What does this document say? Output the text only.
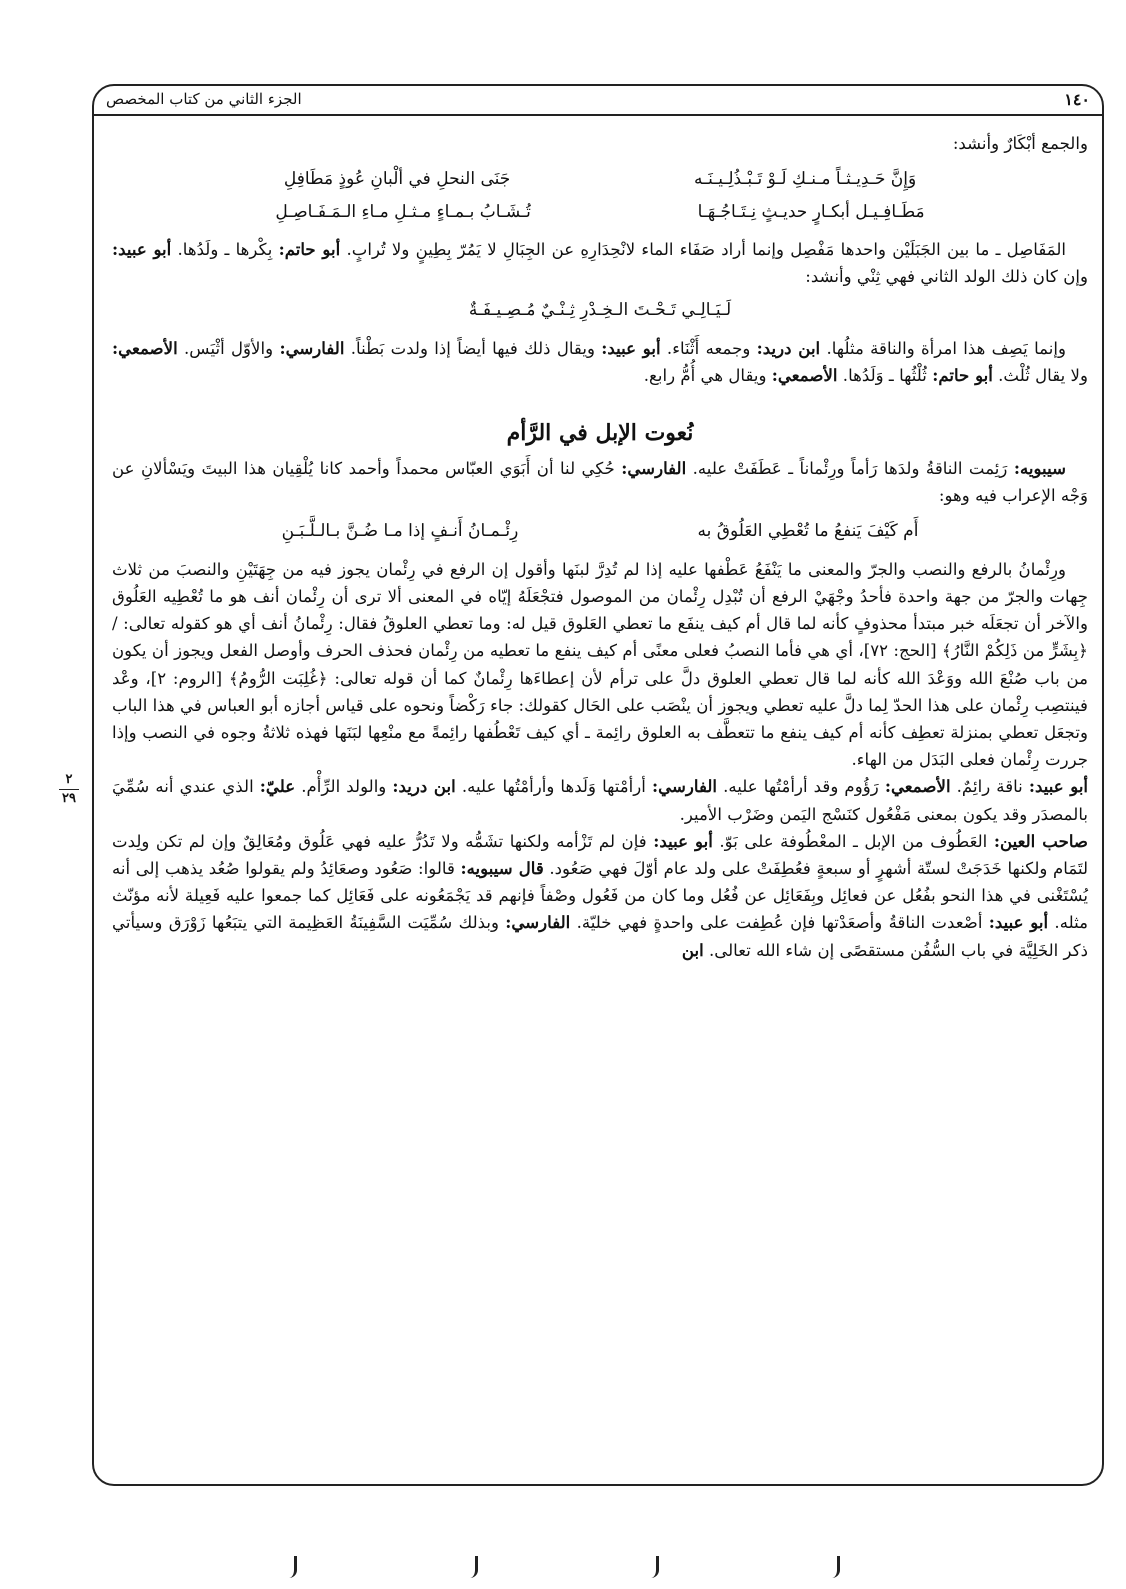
١٤٠
الجزء الثاني من كتاب المخصص
٢
٢٩

والجمع أبْكَارٌ وأنشد:

وَإِنَّ حَـدِيـثـاً مـنـكِ لَـوْ تَـبْـذُلِـيـنَـه
جَنَى النحلِ في ألْبانِ عُوذٍ مَطَافِلِ
مَطَـافِـيـل أبكـارٍ حديـثٍ نِـتَـاجُـهَـا
تُـشَـابُ بـمـاءٍ مـثـلِ مـاءِ الـمَـفَـاصِـلِ

المَفَاصِل ـ ما بين الجَبَلَيْن واحدها مَفْصِل وإنما أراد صَفَاء الماء لانْحِدَارِهِ عن الجِبَالِ لا يَمُرّ بِطِينٍ ولا تُرابٍ. أبو حاتم: بِكْرها ـ ولَدُها. أبو عبيد: وإن كان ذلك الولد الثاني فهي ثِنْي وأنشد:

لَـيَـالِـي تَـحْـتَ الـخِـدْرِ ثِـنْـيٌ مُـصِـيـفَـةٌ

وإنما يَصِف هذا امرأة والناقة مثلُها. ابن دريد: وجمعه أَثْنَاء. أبو عبيد: ويقال ذلك فيها أيضاً إذا ولدت بَطْناً. الفارسي: والأوّل أثْيَس. الأصمعي: ولا يقال ثُلْث. أبو حاتم: ثُلْثُها ـ وَلَدُها. الأصمعي: ويقال هي أُمُّ رابع.

نُعوت الإبل في الرَّأم

سيبويه: رَئِمت الناقةُ ولدَها رَأماً ورِئْماناً ـ عَطَفَتْ عليه. الفارسي: حُكِي لنا أن أَبَوَي العبّاس محمداً وأحمد كانا يُلْقِيان هذا البيتَ ويَسْألانِ عن وَجْه الإعراب فيه وهو:

أَم كَيْفَ يَنفعُ ما تُعْطِي العَلُوقُ به
رِئْـمـانُ أَنـفٍ إذا مـا ضُـنَّ بـالـلَّـبَـنِ

ورِئْمانُ بالرفع والنصب والجرّ والمعنى ما يَنْفَعُ عَطْفها عليه إذا لم تُدِرَّ لبنَها وأقول إن الرفع في رِئْمان يجوز فيه من جِهَتَيْنِ والنصبَ من ثلاث جِهات والجرّ من جهة واحدة فأحدُ وجْهَيْ الرفع أن تُبْدِل رِئْمان من الموصول فتجْعَلَهُ إيّاه في المعنى ألا ترى أن رِئْمان أنف هو ما تُعْطِيه العَلُوق والآخر أن تجعَلَه خبر مبتدأ محذوفٍ كأنه لما قال أم كيف ينفَع ما تعطي العَلوق قيل له: وما تعطي العلوقُ فقال: رِئْمانُ أنف أي هو كقوله تعالى: / ﴿بِشَرٍّ من ذَلِكُمْ النَّارُ﴾ [الحج: ٧٢]، أي هي فأما النصبُ فعلى معنًى أم كيف ينفع ما تعطيه من رِئْمان فحذف الحرف وأوصل الفعل ويجوز أن يكون من باب صُنْعَ الله ووَعْدَ الله كأنه لما قال تعطي العلوق دلَّ على ترأم لأن إعطاءَها رِئْمانٌ كما أن قوله تعالى: ﴿غُلِبَت الرُّومُ﴾ [الروم: ٢]، وعْد فينتصِب رِئْمان على هذا الحدّ لِما دلَّ عليه تعطي ويجوز أن ينْصَب على الحَال كقولك: جاء رَكْضاً ونحوه على قياس أجازه أبو العباس في هذا الباب وتجعَل تعطي بمنزلة تعطِف كأنه أم كيف ينفع ما تتعطَّف به العلوق رائِمة ـ أي كيف تَعْطُفها رائِمةً مع منْعِها لبَنَها فهذه ثلاثةُ وجوه في النصب وإذا جررت رِئْمان فعلى البَدَل من الهاء.

أبو عبيد: ناقة رائِمٌ. الأصمعي: رَؤُوم وقد أرأمْتُها عليه. الفارسي: أرأمْتها وَلَدها وأرأمْتُها عليه. ابن دريد: والولد الرِّأْم. عليّ: الذي عندي أنه سُمِّيَ بالمصدَر وقد يكون بمعنى مَفْعُول كنَسْج اليَمن وضَرْب الأمير.

صاحب العين: العَطُوف من الإبل ـ المعْطُوفة على بَوّ. أبو عبيد: فإن لم تَزْأمه ولكنها تشَمُّه ولا تَدُرُّ عليه فهي عَلُوق ومُعَالِقٌ وإن لم تكن ولِدت لتَمَام ولكنها خَدَجَتْ لستّة أشهرٍ أو سبعةٍ فعُطِفَتْ على ولد عام أوّلَ فهي صَعُود. قال سيبويه: قالوا: صَعُود وصعَائِدُ ولم يقولوا صُعُد يذهب إلى أنه يُسْتَغْنى في هذا النحو بفُعُل عن فعائِل وبِفَعَائِل عن فُعُل وما كان من فَعُول وصْفاً فإنهم قد يَجْمَعُونه على فَعَائِل كما جمعوا عليه فَعِيلة لأنه مؤنّث مثله. أبو عبيد: أصْعدت الناقةُ وأصعَدْتها فإن عُطِفت على واحدةٍ فهي خليّة. الفارسي: وبذلك سُمِّيَت السَّفِينَةُ العَظِيمة التي يتبَعُها زَوْرَق وسيأتي ذكر الخَلِيَّة في باب السُّفُن مستقصًى إن شاء الله تعالى. ابن
